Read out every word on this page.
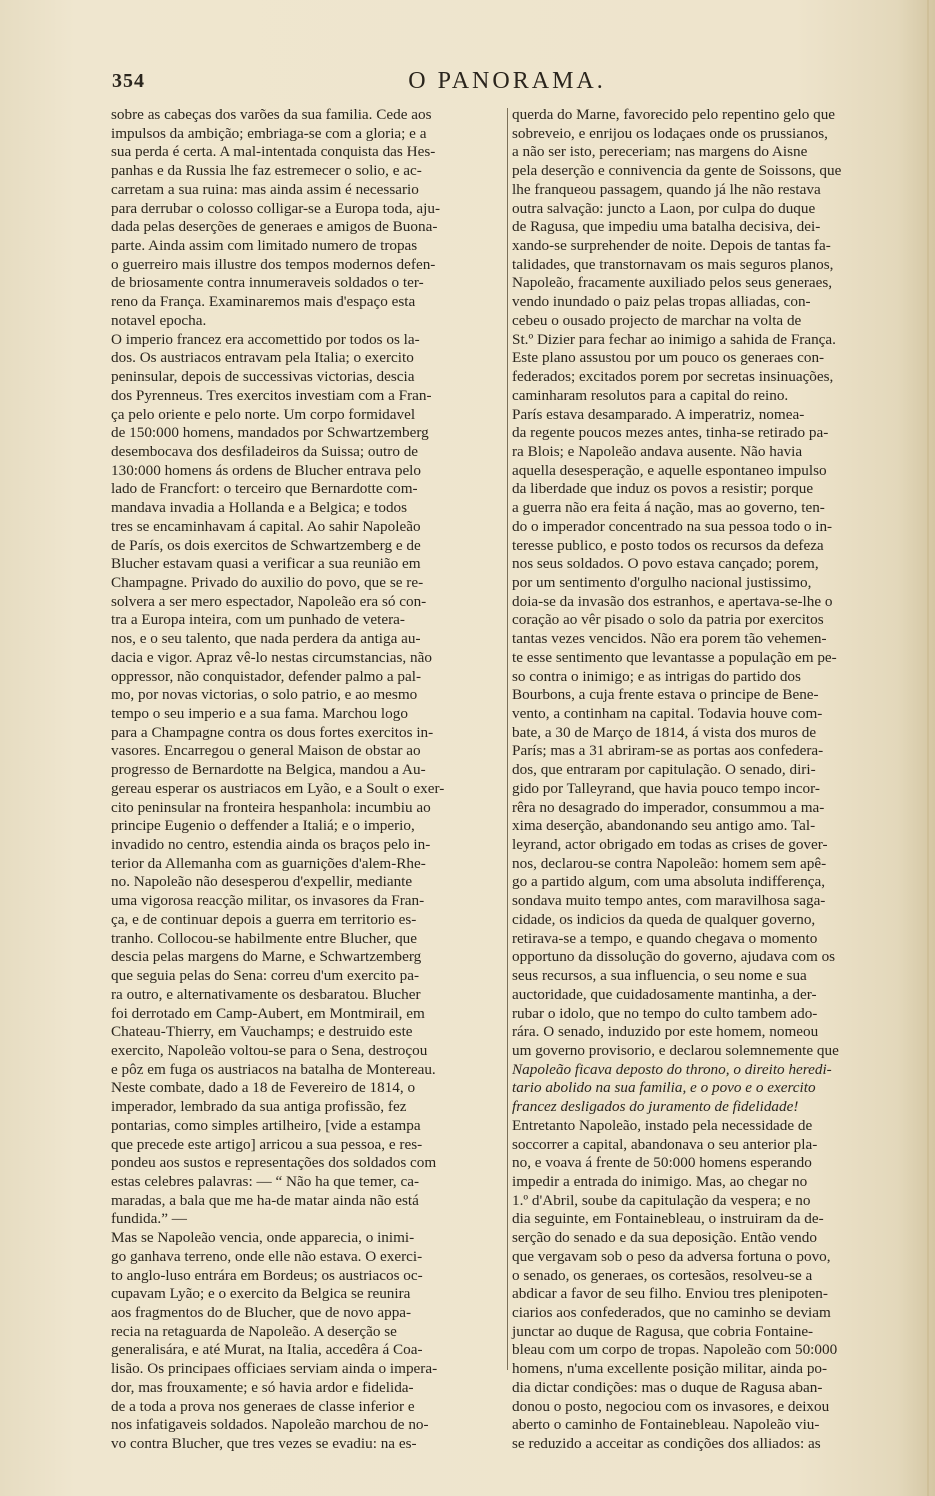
354	O PANORAMA.
sobre as cabeças dos varões da sua familia. Cede aos
impulsos da ambição; embriaga-se com a gloria; e a
sua perda é certa. A mal-intentada conquista das Hes-
panhas e da Russia lhe faz estremecer o solio, e ac-
carretam a sua ruina: mas ainda assim é necessario
para derrubar o colosso colligar-se a Europa toda, aju-
dada pelas deserções de generaes e amigos de Buona-
parte. Ainda assim com limitado numero de tropas
o guerreiro mais illustre dos tempos modernos defen-
de briosamente contra innumeraveis soldados o ter-
reno da França. Examinaremos mais d'espaço esta
notavel epocha.
O imperio francez era accomettido por todos os la-
dos. Os austriacos entravam pela Italia; o exercito
peninsular, depois de successivas victorias, descia
dos Pyrenneus. Tres exercitos investiam com a Fran-
ça pelo oriente e pelo norte. Um corpo formidavel
de 150:000 homens, mandados por Schwartzemberg
desembocava dos desfiladeiros da Suissa; outro de
130:000 homens ás ordens de Blucher entrava pelo
lado de Francfort: o terceiro que Bernardotte com-
mandava invadia a Hollanda e a Belgica; e todos
tres se encaminhavam á capital. Ao sahir Napoleão
de París, os dois exercitos de Schwartzemberg e de
Blucher estavam quasi a verificar a sua reunião em
Champagne. Privado do auxilio do povo, que se re-
solvera a ser mero espectador, Napoleão era só con-
tra a Europa inteira, com um punhado de vetera-
nos, e o seu talento, que nada perdera da antiga au-
dacia e vigor. Apraz vê-lo nestas circumstancias, não
oppressor, não conquistador, defender palmo a pal-
mo, por novas victorias, o solo patrio, e ao mesmo
tempo o seu imperio e a sua fama. Marchou logo
para a Champagne contra os dous fortes exercitos in-
vasores. Encarregou o general Maison de obstar ao
progresso de Bernardotte na Belgica, mandou a Au-
gereau esperar os austriacos em Lyão, e a Soult o exer-
cito peninsular na fronteira hespanhola: incumbiu ao
principe Eugenio o deffender a Italiá; e o imperio,
invadido no centro, estendia ainda os braços pelo in-
terior da Allemanha com as guarnições d'alem-Rhe-
no. Napoleão não desesperou d'expellir, mediante
uma vigorosa reacção militar, os invasores da Fran-
ça, e de continuar depois a guerra em territorio es-
tranho. Collocou-se habilmente entre Blucher, que
descia pelas margens do Marne, e Schwartzemberg
que seguia pelas do Sena: correu d'um exercito pa-
ra outro, e alternativamente os desbaratou. Blucher
foi derrotado em Camp-Aubert, em Montmirail, em
Chateau-Thierry, em Vauchamps; e destruido este
exercito, Napoleão voltou-se para o Sena, destroçou
e pôz em fuga os austriacos na batalha de Montereau.
Neste combate, dado a 18 de Fevereiro de 1814, o
imperador, lembrado da sua antiga profissão, fez
pontarias, como simples artilheiro, [vide a estampa
que precede este artigo] arricou a sua pessoa, e res-
pondeu aos sustos e representações dos soldados com
estas celebres palavras: — “ Não ha que temer, ca-
maradas, a bala que me ha-de matar ainda não está
fundida.” —
Mas se Napoleão vencia, onde apparecia, o inimi-
go ganhava terreno, onde elle não estava. O exerci-
to anglo-luso entrára em Bordeus; os austriacos oc-
cupavam Lyão; e o exercito da Belgica se reunira
aos fragmentos do de Blucher, que de novo appa-
recia na retaguarda de Napoleão. A deserção se
generalisára, e até Murat, na Italia, accedêra á Coa-
lisão. Os principaes officiaes serviam ainda o impera-
dor, mas frouxamente; e só havia ardor e fidelida-
de a toda a prova nos generaes de classe inferior e
nos infatigaveis soldados. Napoleão marchou de no-
vo contra Blucher, que tres vezes se evadiu: na es-
querda do Marne, favorecido pelo repentino gelo que
sobreveio, e enrijou os lodaçaes onde os prussianos,
a não ser isto, pereceriam; nas margens do Aisne
pela deserção e connivencia da gente de Soissons, que
lhe franqueou passagem, quando já lhe não restava
outra salvação: juncto a Laon, por culpa do duque
de Ragusa, que impediu uma batalha decisiva, dei-
xando-se surprehender de noite. Depois de tantas fa-
talidades, que transtornavam os mais seguros planos,
Napoleão, fracamente auxiliado pelos seus generaes,
vendo inundado o paiz pelas tropas alliadas, con-
cebeu o ousado projecto de marchar na volta de
St.º Dizier para fechar ao inimigo a sahida de França.
Este plano assustou por um pouco os generaes con-
federados; excitados porem por secretas insinuações,
caminharam resolutos para a capital do reino.
París estava desamparado. A imperatriz, nomea-
da regente poucos mezes antes, tinha-se retirado pa-
ra Blois; e Napoleão andava ausente. Não havia
aquella desesperação, e aquelle espontaneo impulso
da liberdade que induz os povos a resistir; porque
a guerra não era feita á nação, mas ao governo, ten-
do o imperador concentrado na sua pessoa todo o in-
teresse publico, e posto todos os recursos da defeza
nos seus soldados. O povo estava cançado; porem,
por um sentimento d'orgulho nacional justissimo,
doia-se da invasão dos estranhos, e apertava-se-lhe o
coração ao vêr pisado o solo da patria por exercitos
tantas vezes vencidos. Não era porem tão vehemen-
te esse sentimento que levantasse a população em pe-
so contra o inimigo; e as intrigas do partido dos
Bourbons, a cuja frente estava o principe de Bene-
vento, a continham na capital. Todavia houve com-
bate, a 30 de Março de 1814, á vista dos muros de
París; mas a 31 abriram-se as portas aos confedera-
dos, que entraram por capitulação. O senado, diri-
gido por Talleyrand, que havia pouco tempo incor-
rêra no desagrado do imperador, consummou a ma-
xima deserção, abandonando seu antigo amo. Tal-
leyrand, actor obrigado em todas as crises de gover-
nos, declarou-se contra Napoleão: homem sem apê-
go a partido algum, com uma absoluta indifferença,
sondava muito tempo antes, com maravilhosa saga-
cidade, os indicios da queda de qualquer governo,
retirava-se a tempo, e quando chegava o momento
opportuno da dissolução do governo, ajudava com os
seus recursos, a sua influencia, o seu nome e sua
auctoridade, que cuidadosamente mantinha, a der-
rubar o idolo, que no tempo do culto tambem ado-
rára. O senado, induzido por este homem, nomeou
um governo provisorio, e declarou solemnemente que
Napoleão ficava deposto do throno, o direito heredi-
tario abolido na sua familia, e o povo e o exercito
francez desligados do juramento de fidelidade!
Entretanto Napoleão, instado pela necessidade de
soccorrer a capital, abandonava o seu anterior pla-
no, e voava á frente de 50:000 homens esperando
impedir a entrada do inimigo. Mas, ao chegar no
1.º d'Abril, soube da capitulação da vespera; e no
dia seguinte, em Fontainebleau, o instruiram da de-
serção do senado e da sua deposição. Então vendo
que vergavam sob o peso da adversa fortuna o povo,
o senado, os generaes, os cortesãos, resolveu-se a
abdicar a favor de seu filho. Enviou tres plenipoten-
ciarios aos confederados, que no caminho se deviam
junctar ao duque de Ragusa, que cobria Fontaine-
bleau com um corpo de tropas. Napoleão com 50:000
homens, n'uma excellente posição militar, ainda po-
dia dictar condições: mas o duque de Ragusa aban-
donou o posto, negociou com os invasores, e deixou
aberto o caminho de Fontainebleau. Napoleão viu-
se reduzido a acceitar as condições dos alliados: as
